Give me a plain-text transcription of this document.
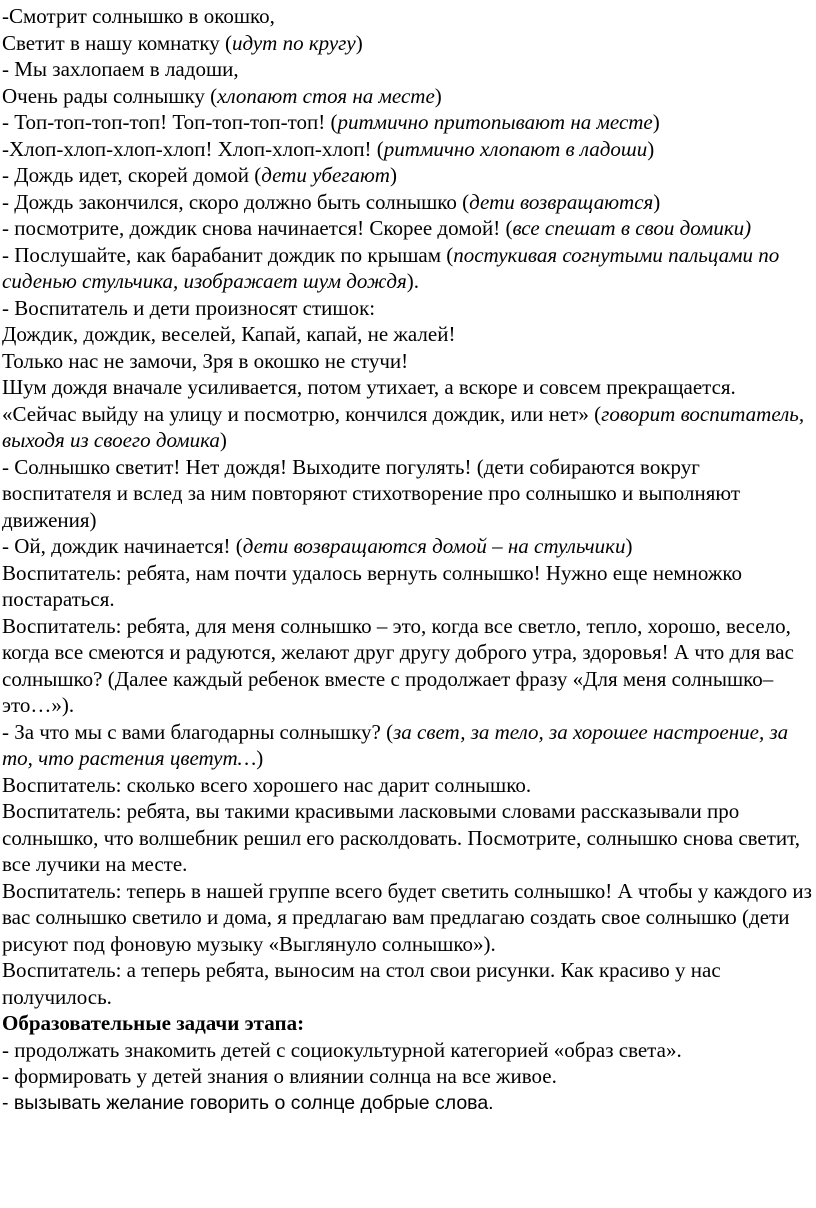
-Смотрит солнышко в окошко,
Светит в нашу комнатку (идут по кругу)
- Мы захлопаем в ладоши,
Очень рады солнышку (хлопают стоя на месте)
- Топ-топ-топ-топ! Топ-топ-топ-топ! (ритмично притопывают на месте)
-Хлоп-хлоп-хлоп-хлоп! Хлоп-хлоп-хлоп! (ритмично хлопают в ладоши)
- Дождь идет, скорей домой (дети убегают)
- Дождь закончился, скоро должно быть солнышко (дети возвращаются)
- посмотрите, дождик снова начинается! Скорее домой! (все спешат в свои домики)
- Послушайте, как барабанит дождик по крышам (постукивая согнутыми пальцами по сиденью стульчика, изображает шум дождя).
- Воспитатель и дети произносят стишок:
Дождик, дождик, веселей, Капай, капай, не жалей!
Только нас не замочи, Зря в окошко не стучи!
Шум дождя вначале усиливается, потом утихает, а вскоре и совсем прекращается.
«Сейчас выйду на улицу и посмотрю, кончился дождик, или нет» (говорит воспитатель, выходя из своего домика)
- Солнышко светит! Нет дождя! Выходите погулять! (дети собираются вокруг воспитателя и вслед за ним повторяют стихотворение про солнышко и выполняют движения)
- Ой, дождик начинается! (дети возвращаются домой – на стульчики)
Воспитатель: ребята, нам почти удалось вернуть солнышко! Нужно еще немножко постараться.
Воспитатель: ребята, для меня солнышко – это, когда все светло, тепло, хорошо, весело, когда все смеются и радуются, желают друг другу доброго утра, здоровья! А что для вас солнышко? (Далее каждый ребенок вместе с продолжает фразу «Для меня солнышко– это…»).
- За что мы с вами благодарны солнышку? (за свет, за тело, за хорошее настроение, за то, что растения цветут…)
Воспитатель: сколько всего хорошего нас дарит солнышко.
Воспитатель: ребята, вы такими красивыми ласковыми словами рассказывали про солнышко, что волшебник решил его расколдовать. Посмотрите, солнышко снова светит, все лучики на месте.
Воспитатель: теперь в нашей группе всего будет светить солнышко! А чтобы у каждого из вас солнышко светило и дома, я предлагаю вам предлагаю создать свое солнышко (дети рисуют под фоновую музыку «Выглянуло солнышко»).
Воспитатель: а теперь ребята, выносим на стол свои рисунки. Как красиво у нас получилось.
Образовательные задачи этапа:
- продолжать знакомить детей с социокультурной категорией «образ света».
- формировать у детей знания о влиянии солнца на все живое.
- вызывать желание говорить о солнце добрые слова.
